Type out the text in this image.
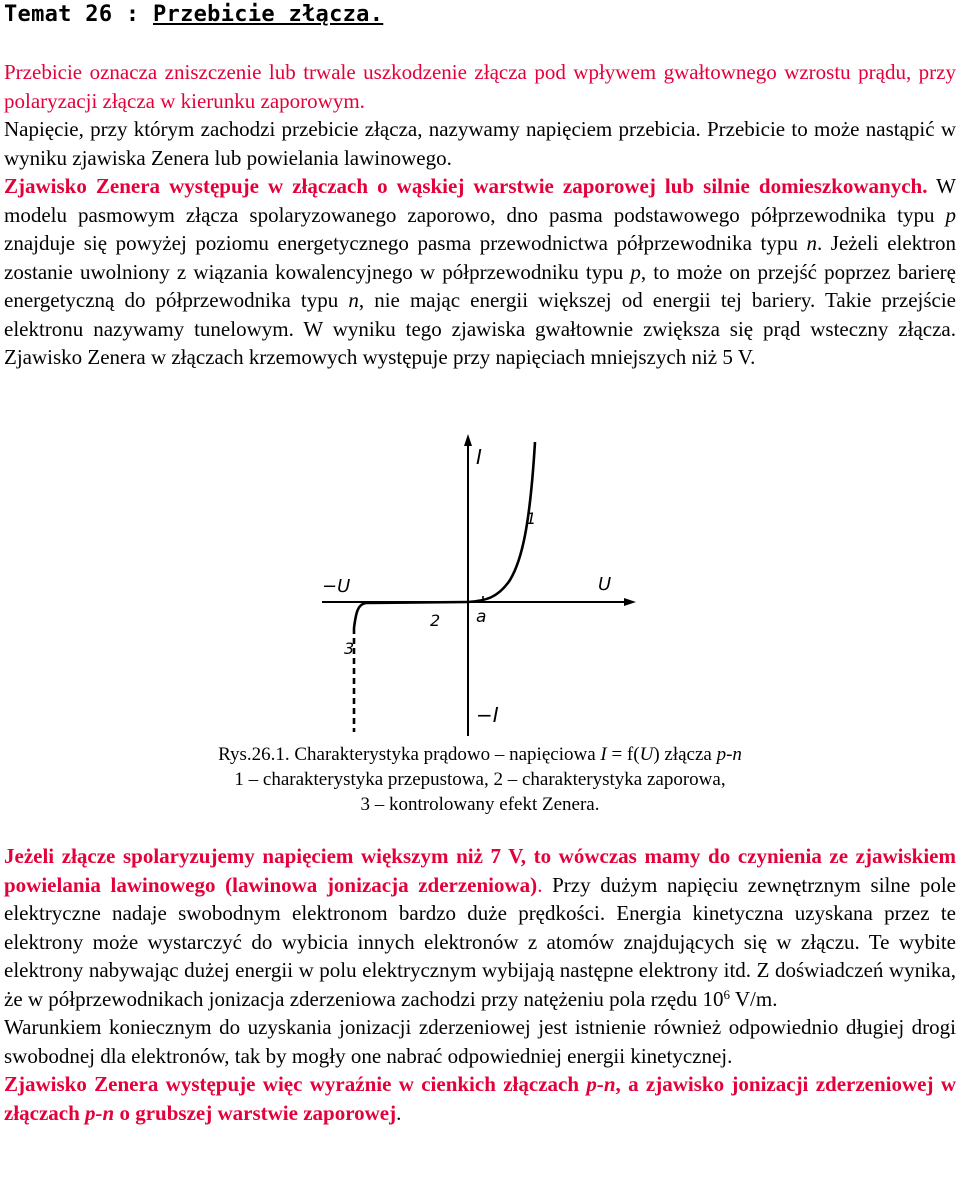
Temat 26 : Przebicie złącza.

Przebicie oznacza zniszczenie lub trwale uszkodzenie złącza pod wpływem gwałtownego wzrostu prądu, przy polaryzacji złącza w kierunku zaporowym.
Napięcie, przy którym zachodzi przebicie złącza, nazywamy napięciem przebicia. Przebicie to może nastąpić w wyniku zjawiska Zenera lub powielania lawinowego.
Zjawisko Zenera występuje w złączach o wąskiej warstwie zaporowej lub silnie domieszkowanych. W modelu pasmowym złącza spolaryzowanego zaporowo, dno pasma podstawowego półprzewodnika typu p znajduje się powyżej poziomu energetycznego pasma przewodnictwa półprzewodnika typu n. Jeżeli elektron zostanie uwolniony z wiązania kowalencyjnego w półprzewodniku typu p, to może on przejść poprzez barierę energetyczną do półprzewodnika typu n, nie mając energii większej od energii tej bariery. Takie przejście elektronu nazywamy tunelowym. W wyniku tego zjawiska gwałtownie zwiększa się prąd wsteczny złącza. Zjawisko Zenera w złączach krzemowych występuje przy napięciach mniejszych niż 5 V.

I
−U	U
−I
1
2
3
a

Rys.26.1. Charakterystyka prądowo – napięciowa I = f(U) złącza p-n
1 – charakterystyka przepustowa, 2 – charakterystyka zaporowa,
3 – kontrolowany efekt Zenera.

Jeżeli złącze spolaryzujemy napięciem większym niż 7 V, to wówczas mamy do czynienia ze zjawiskiem powielania lawinowego (lawinowa jonizacja zderzeniowa). Przy dużym napięciu zewnętrznym silne pole elektryczne nadaje swobodnym elektronom bardzo duże prędkości. Energia kinetyczna uzyskana przez te elektrony może wystarczyć do wybicia innych elektronów z atomów znajdujących się w złączu. Te wybite elektrony nabywając dużej energii w polu elektrycznym wybijają następne elektrony itd. Z doświadczeń wynika, że w półprzewodnikach jonizacja zderzeniowa zachodzi przy natężeniu pola rzędu $10^6$ V/m.
Warunkiem koniecznym do uzyskania jonizacji zderzeniowej jest istnienie również odpowiednio długiej drogi swobodnej dla elektronów, tak by mogły one nabrać odpowiedniej energii kinetycznej.
Zjawisko Zenera występuje więc wyraźnie w cienkich złączach p-n, a zjawisko jonizacji zderzeniowej w złączach p-n o grubszej warstwie zaporowej.
